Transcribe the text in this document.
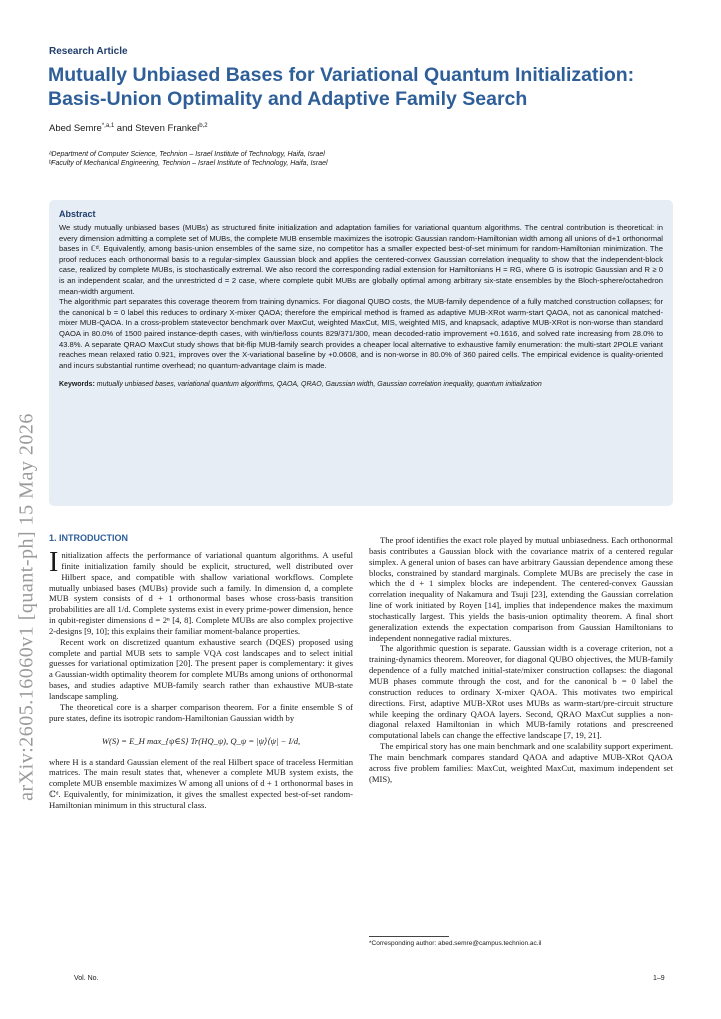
Research Article
Mutually Unbiased Bases for Variational Quantum Initialization: Basis-Union Optimality and Adaptive Family Search
Abed Semre$^{*,a,1}$ and Steven Frankel$^{b,2}$
ᵃDepartment of Computer Science, Technion – Israel Institute of Technology, Haifa, Israel
ᵇFaculty of Mechanical Engineering, Technion – Israel Institute of Technology, Haifa, Israel
Abstract

We study mutually unbiased bases (MUBs) as structured finite initialization and adaptation families for variational quantum algorithms. The central contribution is theoretical: in every dimension admitting a complete set of MUBs, the complete MUB ensemble maximizes the isotropic Gaussian random-Hamiltonian width among all unions of d+1 orthonormal bases in ℂᵈ. Equivalently, among basis-union ensembles of the same size, no competitor has a smaller expected best-of-set minimum for random-Hamiltonian minimization. The proof reduces each orthonormal basis to a regular-simplex Gaussian block and applies the centered-convex Gaussian correlation inequality to show that the independent-block case, realized by complete MUBs, is stochastically extremal. We also record the corresponding radial extension for Hamiltonians H = RG, where G is isotropic Gaussian and R ≥ 0 is an independent scalar, and the unrestricted d = 2 case, where complete qubit MUBs are globally optimal among arbitrary six-state ensembles by the Bloch-sphere/octahedron mean-width argument.

The algorithmic part separates this coverage theorem from training dynamics. For diagonal QUBO costs, the MUB-family dependence of a fully matched construction collapses; for the canonical b = 0 label this reduces to ordinary X-mixer QAOA; therefore the empirical method is framed as adaptive MUB-XRot warm-start QAOA, not as canonical matched-mixer MUB-QAOA. In a cross-problem statevector benchmark over MaxCut, weighted MaxCut, MIS, weighted MIS, and knapsack, adaptive MUB-XRot is non-worse than standard QAOA in 80.0% of 1500 paired instance-depth cases, with win/tie/loss counts 829/371/300, mean decoded-ratio improvement +0.1616, and solved rate increasing from 28.0% to 43.8%. A separate QRAO MaxCut study shows that bit-flip MUB-family search provides a cheaper local alternative to exhaustive family enumeration: the multi-start 2POLE variant reaches mean relaxed ratio 0.921, improves over the X-variational baseline by +0.0608, and is non-worse in 80.0% of 360 paired cells. The empirical evidence is quality-oriented and incurs substantial runtime overhead; no quantum-advantage claim is made.

Keywords: mutually unbiased bases, variational quantum algorithms, QAOA, QRAO, Gaussian width, Gaussian correlation inequality, quantum initialization

arXiv:2605.16060v1 [quant-ph] 15 May 2026 1. INTRODUCTION

Initialization affects the performance of variational quantum algorithms. A useful finite initialization family should be explicit, structured, well distributed over Hilbert space, and compatible with shallow variational workflows. Complete mutually unbiased bases (MUBs) provide such a family. In dimension d, a complete MUB system consists of d + 1 orthonormal bases whose cross-basis transition probabilities are all 1/d. Complete systems exist in every prime-power dimension, hence in qubit-register dimensions d = 2ⁿ [4, 8]. Complete MUBs are also complex projective 2-designs [9, 10]; this explains their familiar moment-balance properties.

Recent work on discretized quantum exhaustive search (DQES) proposed using complete and partial MUB sets to sample VQA cost landscapes and to select initial guesses for variational optimization [20]. The present paper is complementary: it gives a Gaussian-width optimality theorem for complete MUBs among unions of orthonormal bases, and studies adaptive MUB-family search rather than exhaustive MUB-state landscape sampling.

The theoretical core is a sharper comparison theorem. For a finite ensemble S of pure states, define its isotropic random-Hamiltonian Gaussian width by

W(S) = E_H max_{ψ∈S} Tr(HQ_ψ), Q_ψ = |ψ⟩⟨ψ| − I/d,

where H is a standard Gaussian element of the real Hilbert space of traceless Hermitian matrices. The main result states that, whenever a complete MUB system exists, the complete MUB ensemble maximizes W among all unions of d + 1 orthonormal bases in ℂᵈ. Equivalently, for minimization, it gives the smallest expected best-of-set random-Hamiltonian minimum in this structural class.

The proof identifies the exact role played by mutual unbiasedness. Each orthonormal basis contributes a Gaussian block with the covariance matrix of a centered regular simplex. A general union of bases can have arbitrary Gaussian dependence among these blocks, constrained by standard marginals. Complete MUBs are precisely the case in which the d + 1 simplex blocks are independent. The centered-convex Gaussian correlation inequality of Nakamura and Tsuji [23], extending the Gaussian correlation line of work initiated by Royen [14], implies that independence makes the maximum stochastically largest. This yields the basis-union optimality theorem. A final short generalization extends the expectation comparison from Gaussian Hamiltonians to independent nonnegative radial mixtures.

The algorithmic question is separate. Gaussian width is a coverage criterion, not a training-dynamics theorem. Moreover, for diagonal QUBO objectives, the MUB-family dependence of a fully matched initial-state/mixer construction collapses: the diagonal MUB phases commute through the cost, and for the canonical b = 0 label the construction reduces to ordinary X-mixer QAOA. This motivates two empirical directions. First, adaptive MUB-XRot uses MUBs as warm-start/pre-circuit structure while keeping the ordinary QAOA layers. Second, QRAO MaxCut supplies a non-diagonal relaxed Hamiltonian in which MUB-family rotations and prescreened computational labels can change the effective landscape [7, 19, 21].

The empirical story has one main benchmark and one scalability support experiment. The main benchmark compares standard QAOA and adaptive MUB-XRot QAOA across five problem families: MaxCut, weighted MaxCut, maximum independent set (MIS),

*Corresponding author: abed.semre@campus.technion.ac.il
Vol. No.	1–9
